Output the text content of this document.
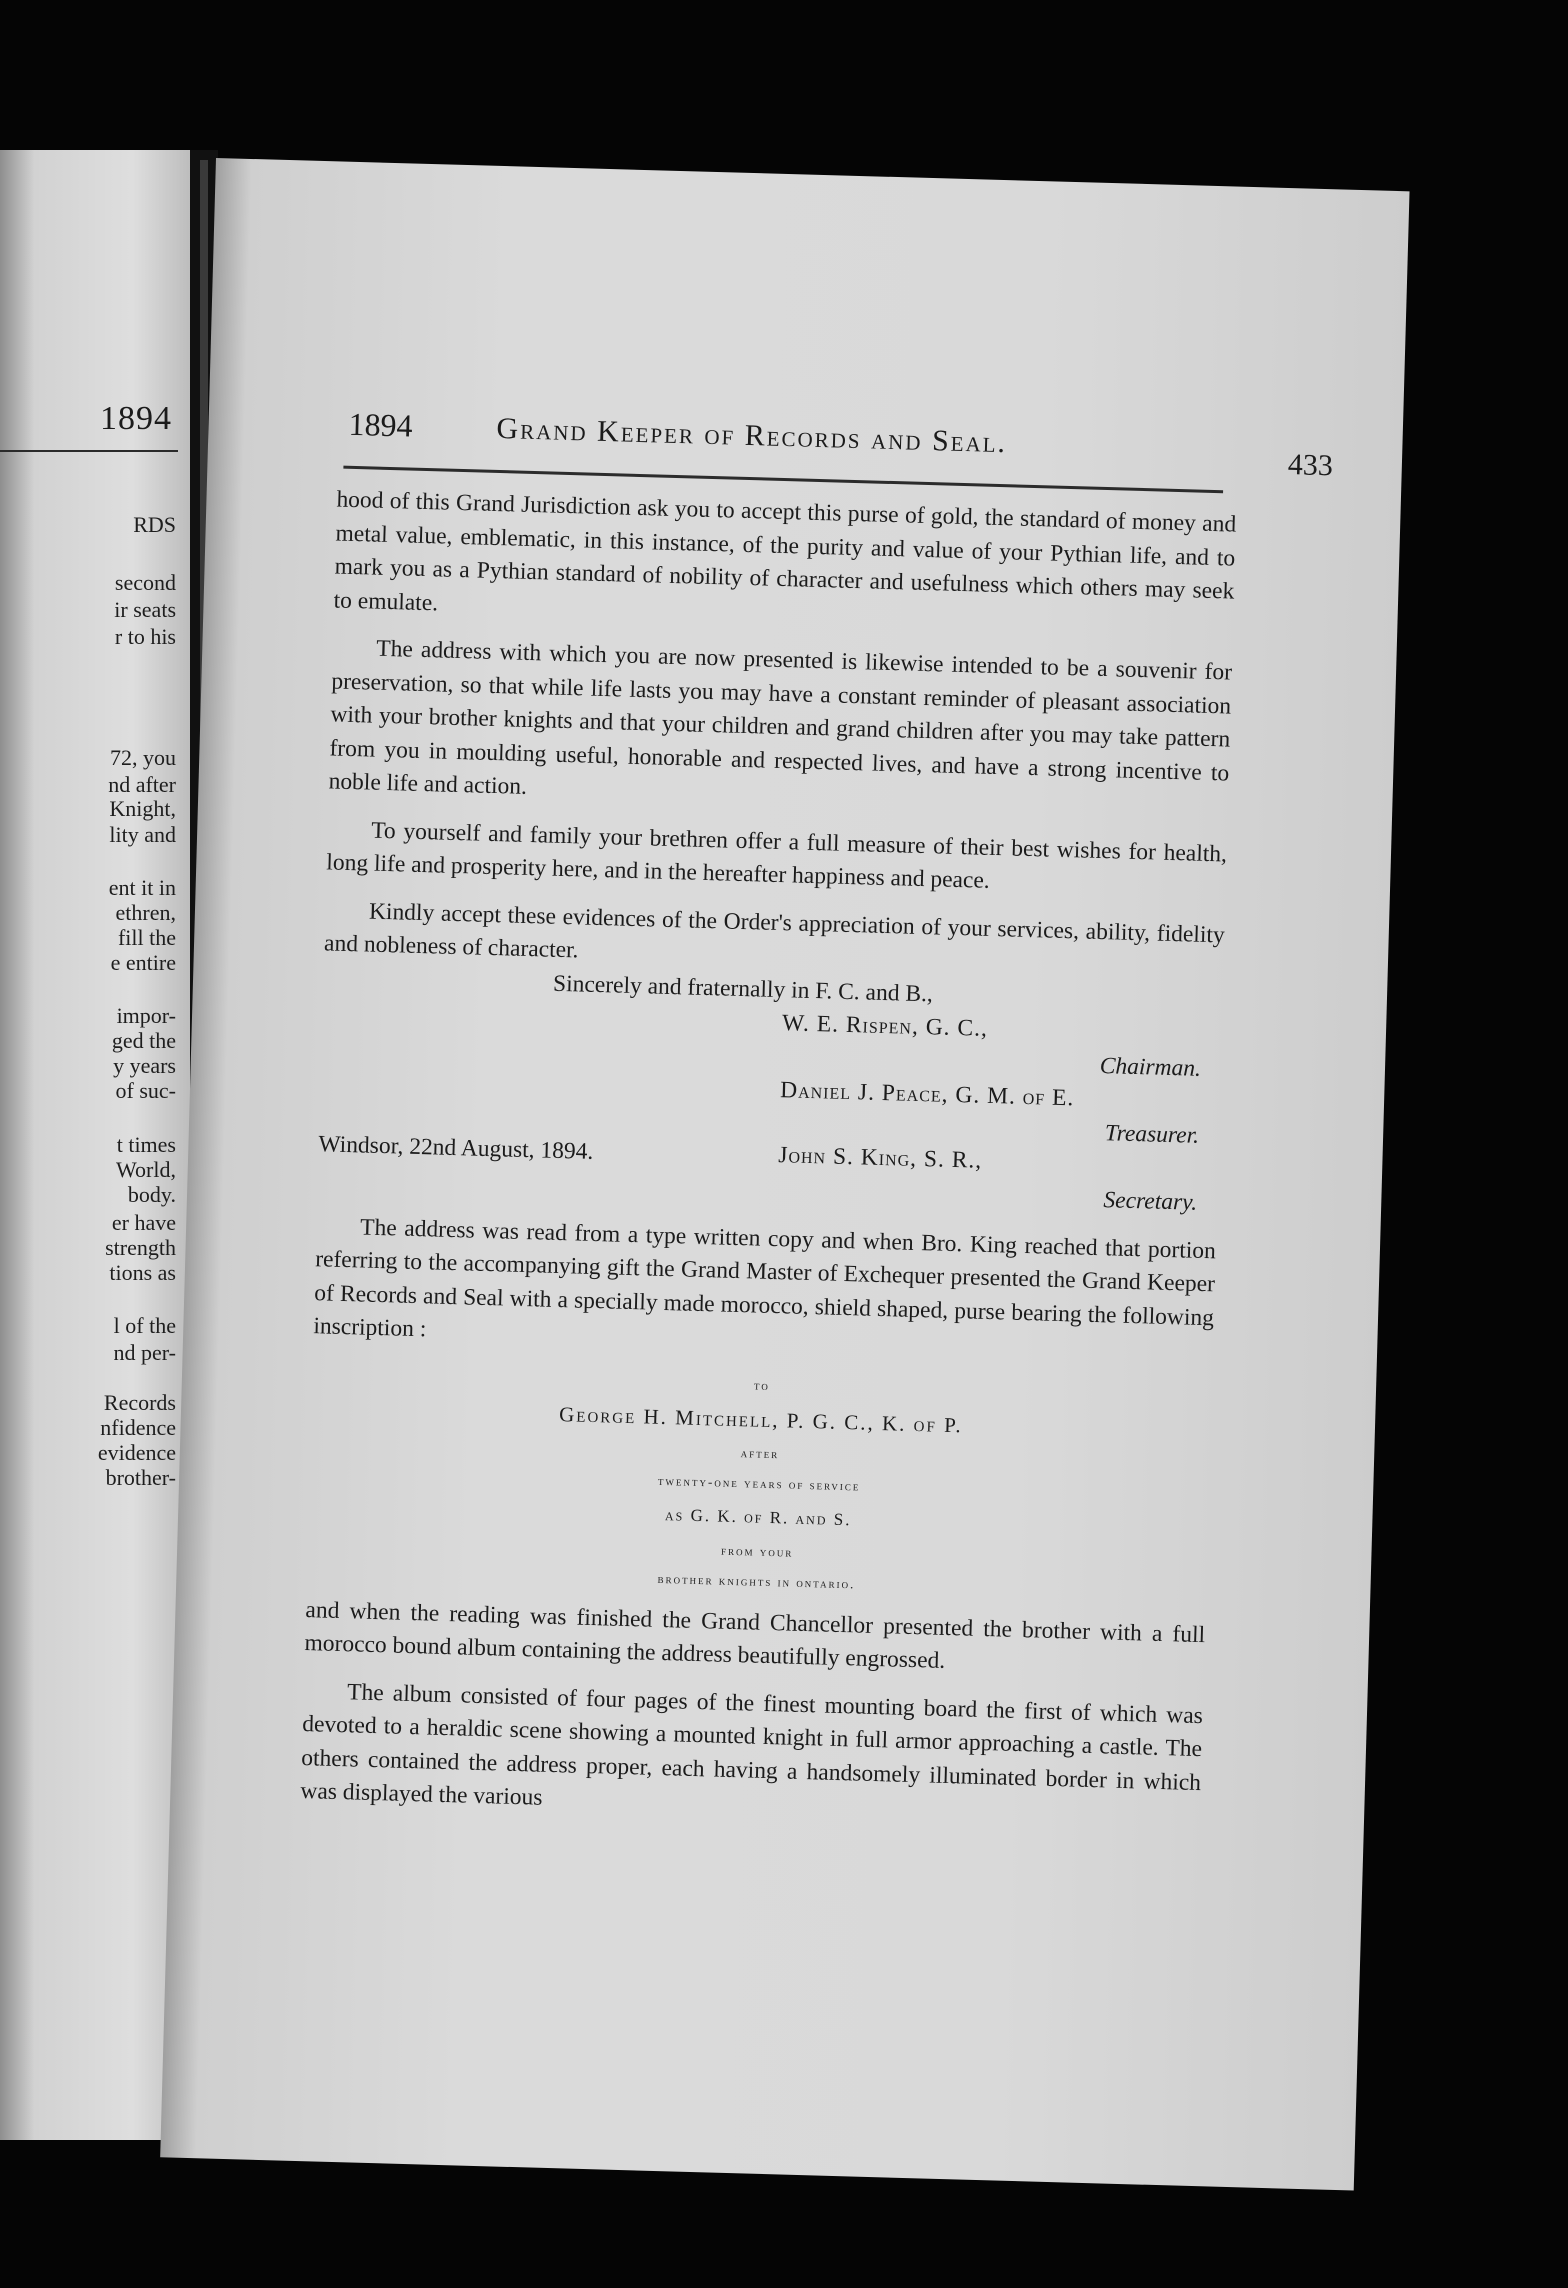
1894
RDS
second
ir seats
r to his
72, you
nd after
Knight,
lity and
ent it in
ethren,
fill the
e entire
impor-
ged the
y years
of suc-
t times
World,
body.
er have
strength
tions as
l of the
nd per-
Records
nfidence
evidence
brother-
1894	Grand Keeper of Records and Seal.
433

hood of this Grand Jurisdiction ask you to accept this purse of gold, the standard of money and metal value, emblematic, in this instance, of the purity and value of your Pythian life, and to mark you as a Pythian standard of nobility of character and usefulness which others may seek to emulate.

The address with which you are now presented is likewise intended to be a souvenir for preservation, so that while life lasts you may have a constant reminder of pleasant association with your brother knights and that your children and grand children after you may take pattern from you in moulding useful, honorable and respected lives, and have a strong incentive to noble life and action.

To yourself and family your brethren offer a full measure of their best wishes for health, long life and prosperity here, and in the hereafter happiness and peace.

Kindly accept these evidences of the Order's appreciation of your services, ability, fidelity and nobleness of character.

Sincerely and fraternally in F. C. and B.,

W. E. Rispen, G. C.,

Chairman.

Daniel J. Peace, G. M. of E.

Treasurer.

Windsor, 22nd August, 1894.	John S. King, S. R.,

Secretary.

The address was read from a type written copy and when Bro. King reached that portion referring to the accompanying gift the Grand Master of Exchequer presented the Grand Keeper of Records and Seal with a specially made morocco, shield shaped, purse bearing the following inscription :

to
George H. Mitchell, P. G. C., K. of P.
after
twenty-one years of service
as G. K. of R. and S.
from your
brother knights in ontario.

and when the reading was finished the Grand Chancellor presented the brother with a full morocco bound album containing the address beautifully engrossed.

The album consisted of four pages of the finest mounting board the first of which was devoted to a heraldic scene showing a mounted knight in full armor approaching a castle. The others contained the address proper, each having a handsomely illuminated border in which was displayed the various
